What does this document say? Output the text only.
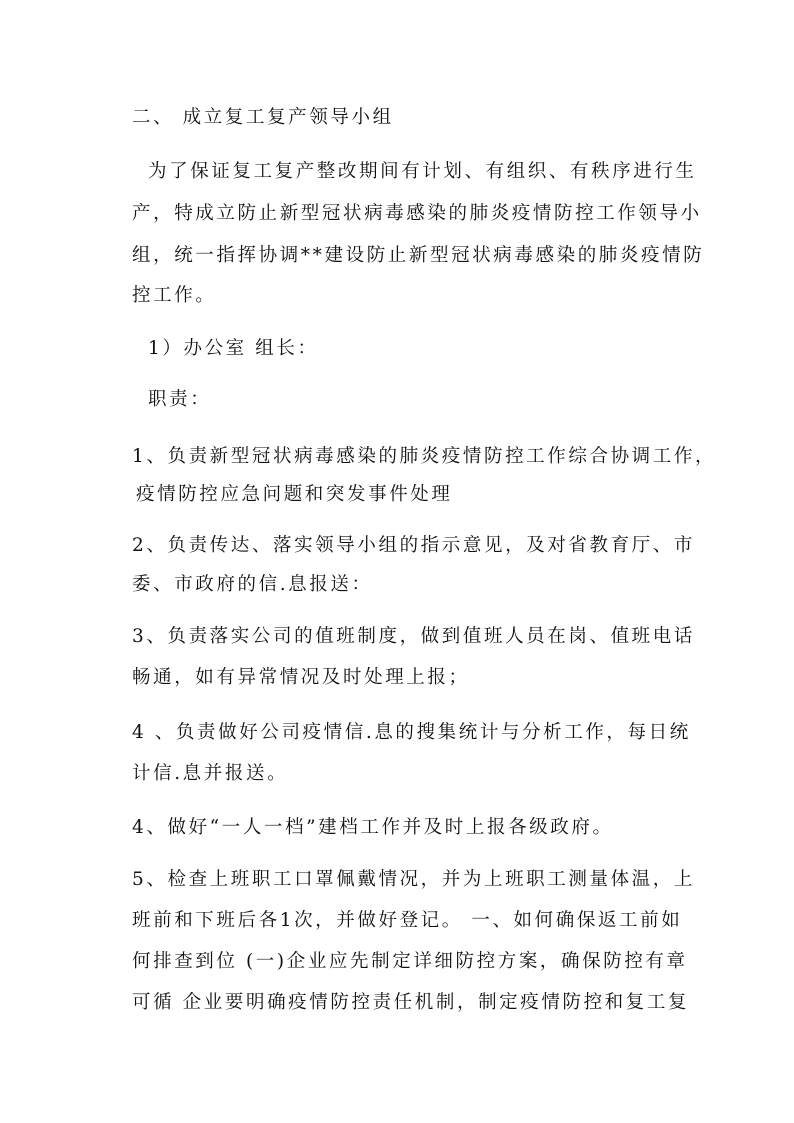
二、 成立复工复产领导小组
为了保证复工复产整改期间有计划、有组织、有秩序进行生
产，特成立防止新型冠状病毒感染的肺炎疫情防控工作领导小
组，统一指挥协调**建设防止新型冠状病毒感染的肺炎疫情防
控工作。
1）办公室 组长：
职责：
1、负责新型冠状病毒感染的肺炎疫情防控工作综合协调工作，
疫情防控应急问题和突发事件处理
2、负责传达、落实领导小组的指示意见，及对省教育厅、市
委、市政府的信.息报送：
3、负责落实公司的值班制度，做到值班人员在岗、值班电话
畅通，如有异常情况及时处理上报；
4 、负责做好公司疫情信.息的搜集统计与分析工作，每日统
计信.息并报送。
4、做好“一人一档”建档工作并及时上报各级政府。
5、检查上班职工口罩佩戴情况，并为上班职工测量体温，上
班前和下班后各1次，并做好登记。 一、如何确保返工前如
何排查到位 (一)企业应先制定详细防控方案，确保防控有章
可循 企业要明确疫情防控责任机制，制定疫情防控和复工复
